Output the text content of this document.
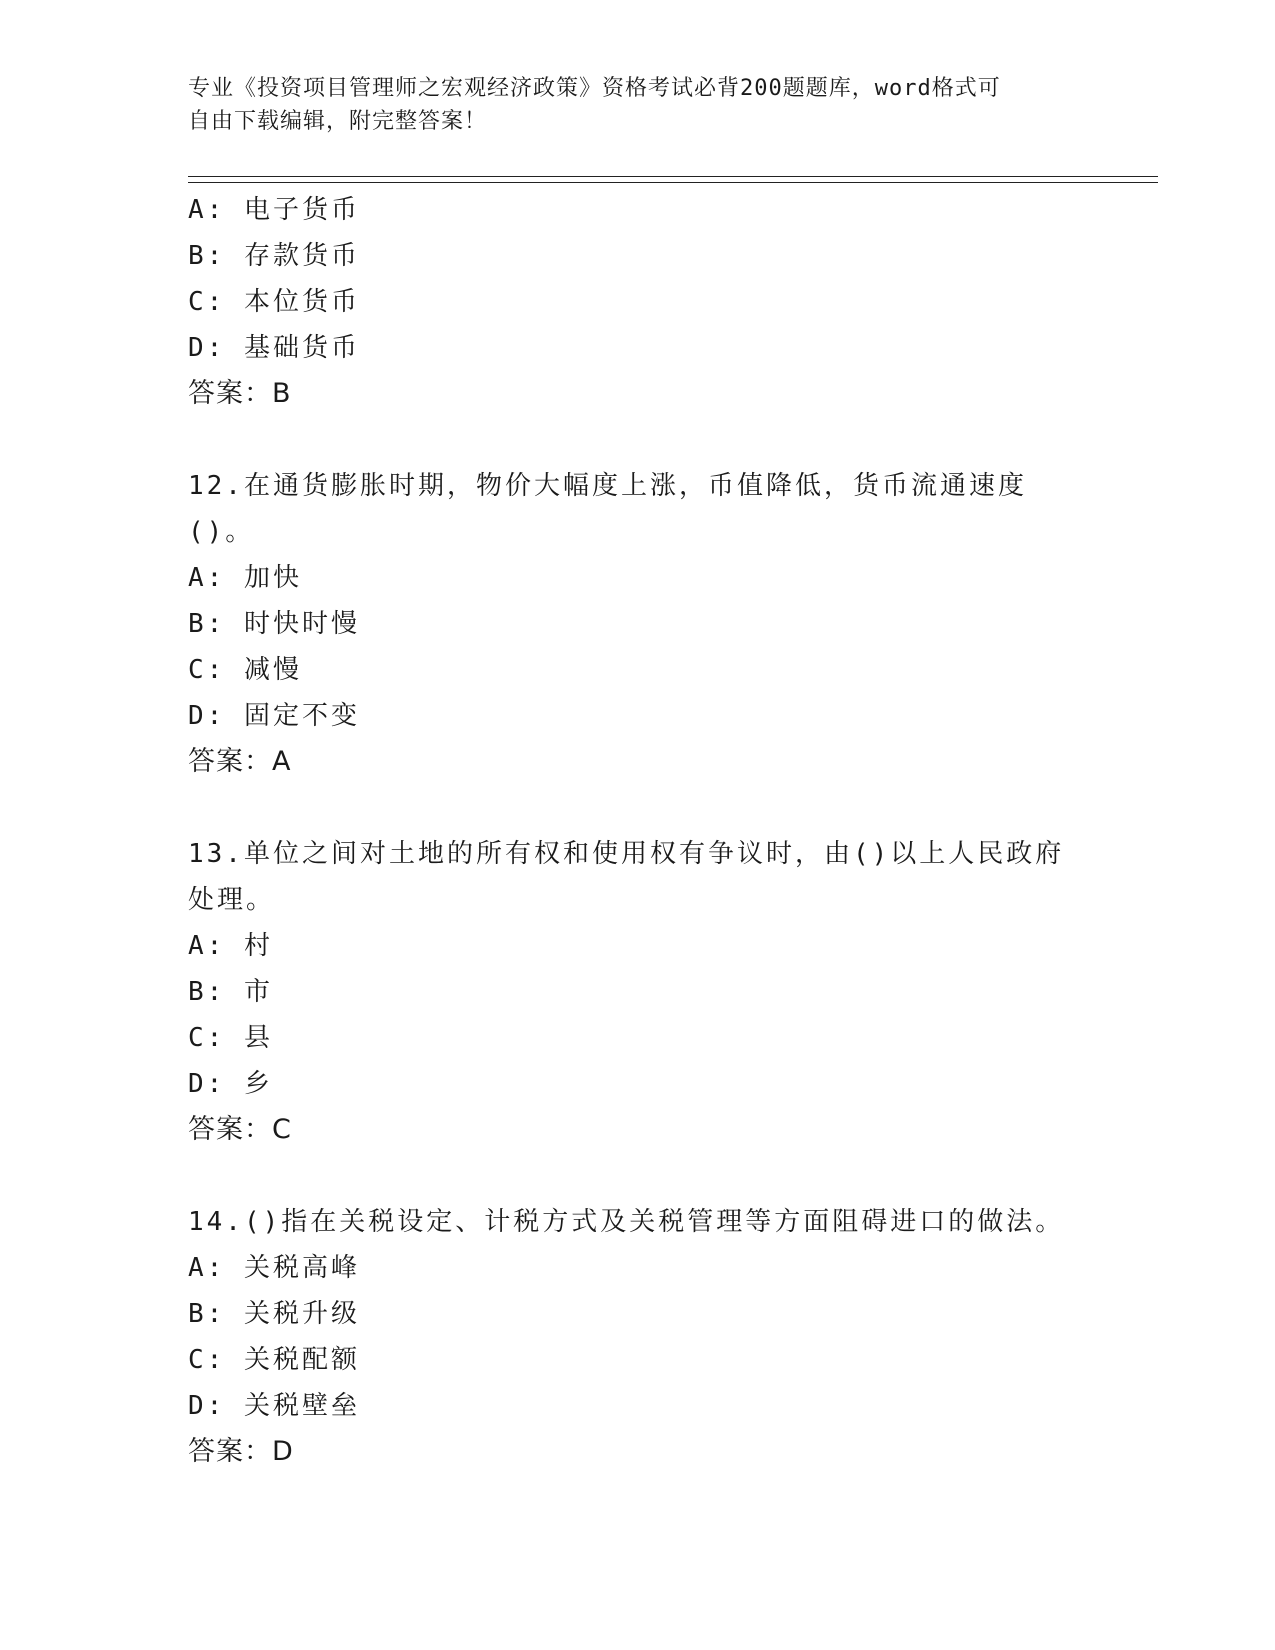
专业《投资项目管理师之宏观经济政策》资格考试必背200题题库，word格式可
自由下载编辑，附完整答案！
A: 电子货币
B: 存款货币
C: 本位货币
D: 基础货币
答案：B
12.在通货膨胀时期，物价大幅度上涨，币值降低，货币流通速度()。
A: 加快
B: 时快时慢
C: 减慢
D: 固定不变
答案：A
13.单位之间对土地的所有权和使用权有争议时，由()以上人民政府处理。
A: 村
B: 市
C: 县
D: 乡
答案：C
14.()指在关税设定、计税方式及关税管理等方面阻碍进口的做法。
A: 关税高峰
B: 关税升级
C: 关税配额
D: 关税壁垒
答案：D
